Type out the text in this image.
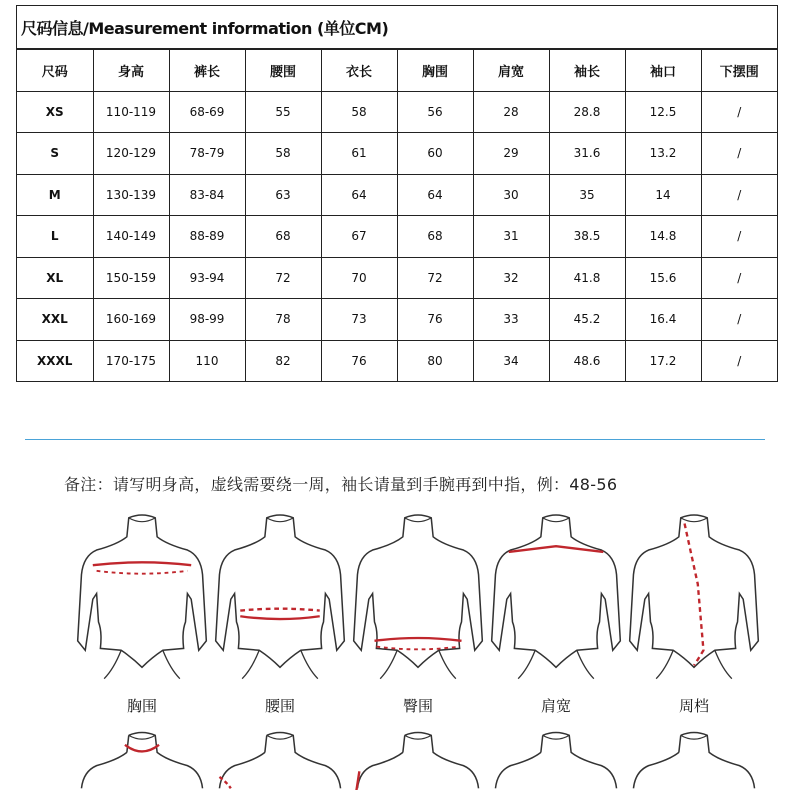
尺码信息/Measurement information (单位CM)
尺码	身高	裤长	腰围	衣长	胸围	肩宽	袖长	袖口	下摆围
XS	110-119	68-69	55	58	56	28	28.8	12.5	/
S	120-129	78-79	58	61	60	29	31.6	13.2	/
M	130-139	83-84	63	64	64	30	35	14	/
L	140-149	88-89	68	67	68	31	38.5	14.8	/
XL	150-159	93-94	72	70	72	32	41.8	15.6	/
XXL	160-169	98-99	78	73	76	33	45.2	16.4	/
XXXL	170-175	110	82	76	80	34	48.6	17.2	/
备注：请写明身高，虚线需要绕一周，袖长请量到手腕再到中指，例：48-56
胸围	腰围	臀围	肩宽	周档
